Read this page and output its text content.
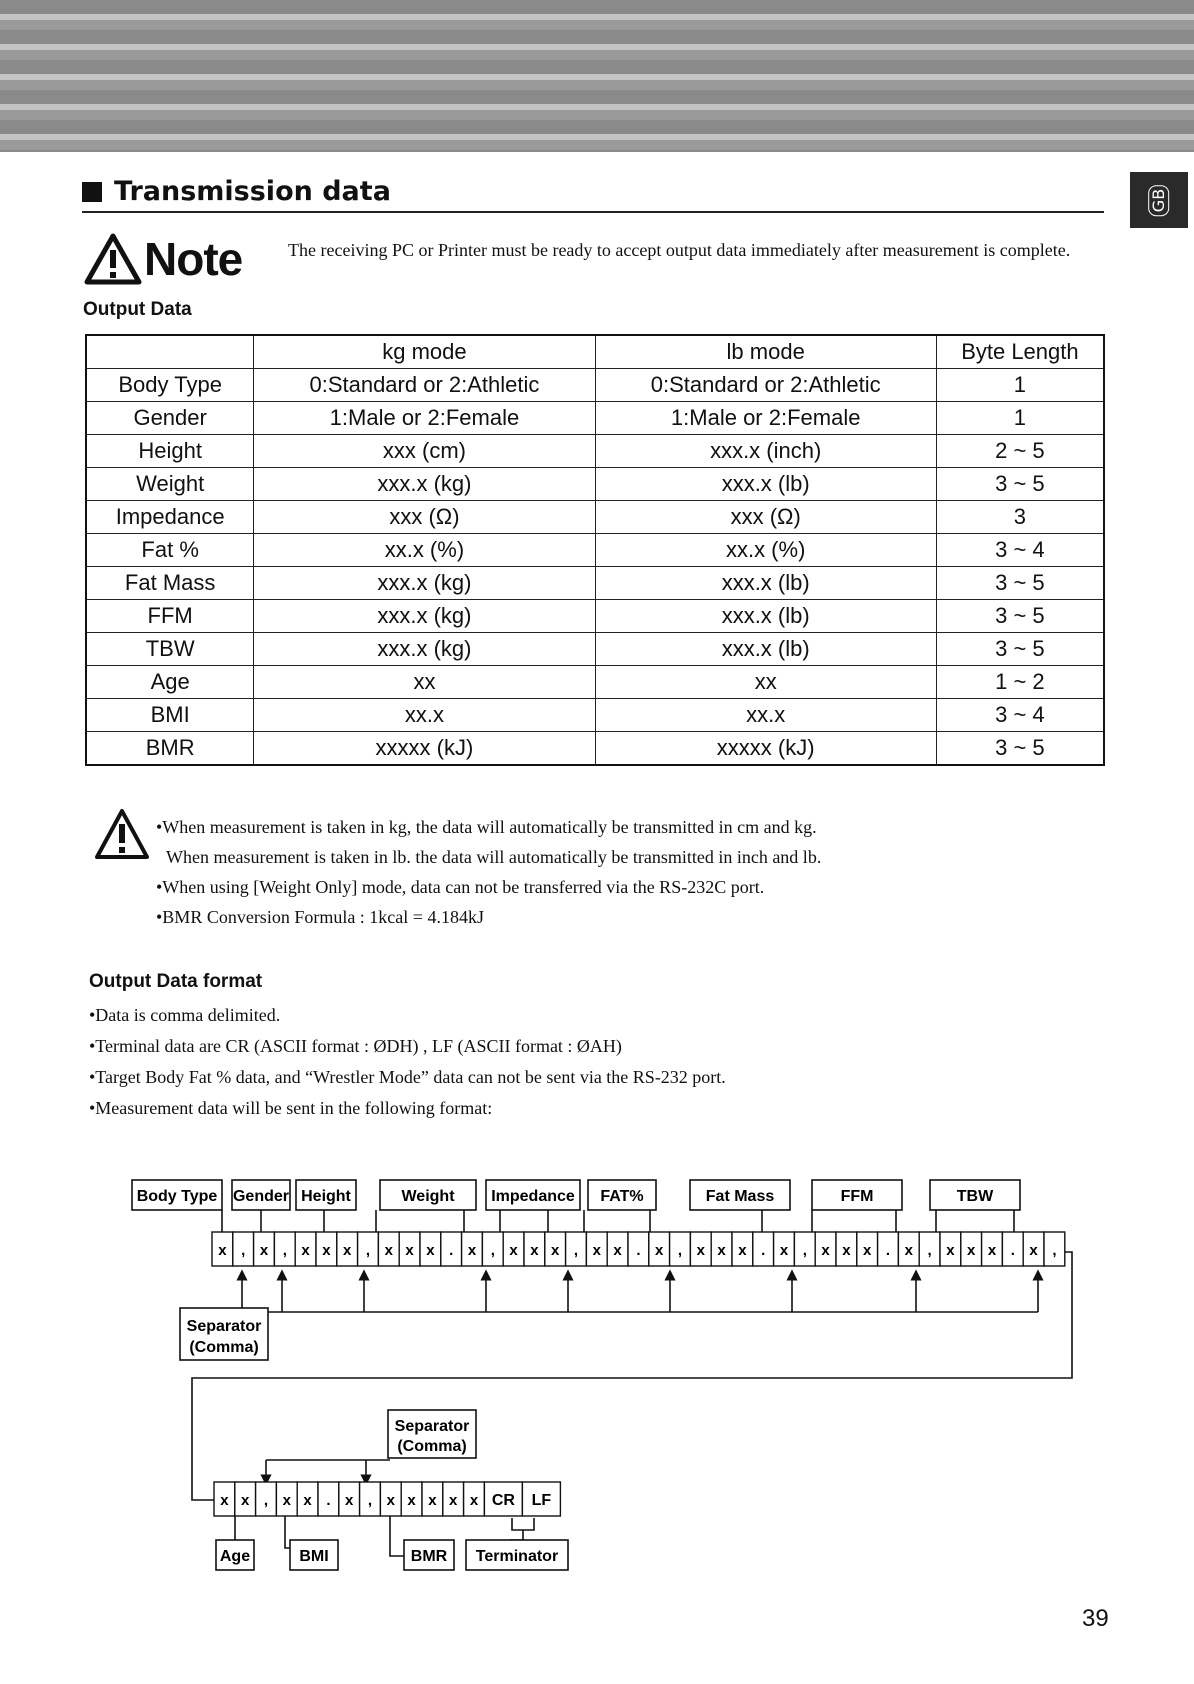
GB
Transmission data
Note	The receiving PC or Printer must be ready to accept output data immediately after measurement is complete.
Output Data
	kg mode	lb mode	Byte Length
Body Type	0:Standard or 2:Athletic	0:Standard or 2:Athletic	1
Gender	1:Male or 2:Female	1:Male or 2:Female	1
Height	xxx (cm)	xxx.x (inch)	2 ~ 5
Weight	xxx.x (kg)	xxx.x (lb)	3 ~ 5
Impedance	xxx (Ω)	xxx (Ω)	3
Fat %	xx.x (%)	xx.x (%)	3 ~ 4
Fat Mass	xxx.x (kg)	xxx.x (lb)	3 ~ 5
FFM	xxx.x (kg)	xxx.x (lb)	3 ~ 5
TBW	xxx.x (kg)	xxx.x (lb)	3 ~ 5
Age	xx	xx	1 ~ 2
BMI	xx.x	xx.x	3 ~ 4
BMR	xxxxx (kJ)	xxxxx (kJ)	3 ~ 5

•When measurement is taken in kg, the data will automatically be transmitted in cm and kg.

When measurement is taken in lb. the data will automatically be transmitted in inch and lb.

•When using [Weight Only] mode, data can not be transferred via the RS-232C port.

•BMR Conversion Formula : 1kcal = 4.184kJ

Output Data format

•Data is comma delimited.

•Terminal data are CR (ASCII format : ØDH) , LF (ASCII format : ØAH)

•Target Body Fat % data, and “Wrestler Mode” data can not be sent via the RS-232 port.

•Measurement data will be sent in the following format:

Body Type Gender Height	Weight Impedance FAT%	Fat Mass	FFM	TBW
x , x , x x x , x x x . x , x x x , x x . x , x x x . x , x x x . x , x x x . x ,
Separator
(Comma)
Separator
(Comma)
x x , x x . x , x x x x x CR LF
Age	BMI	BMR Terminator
39
